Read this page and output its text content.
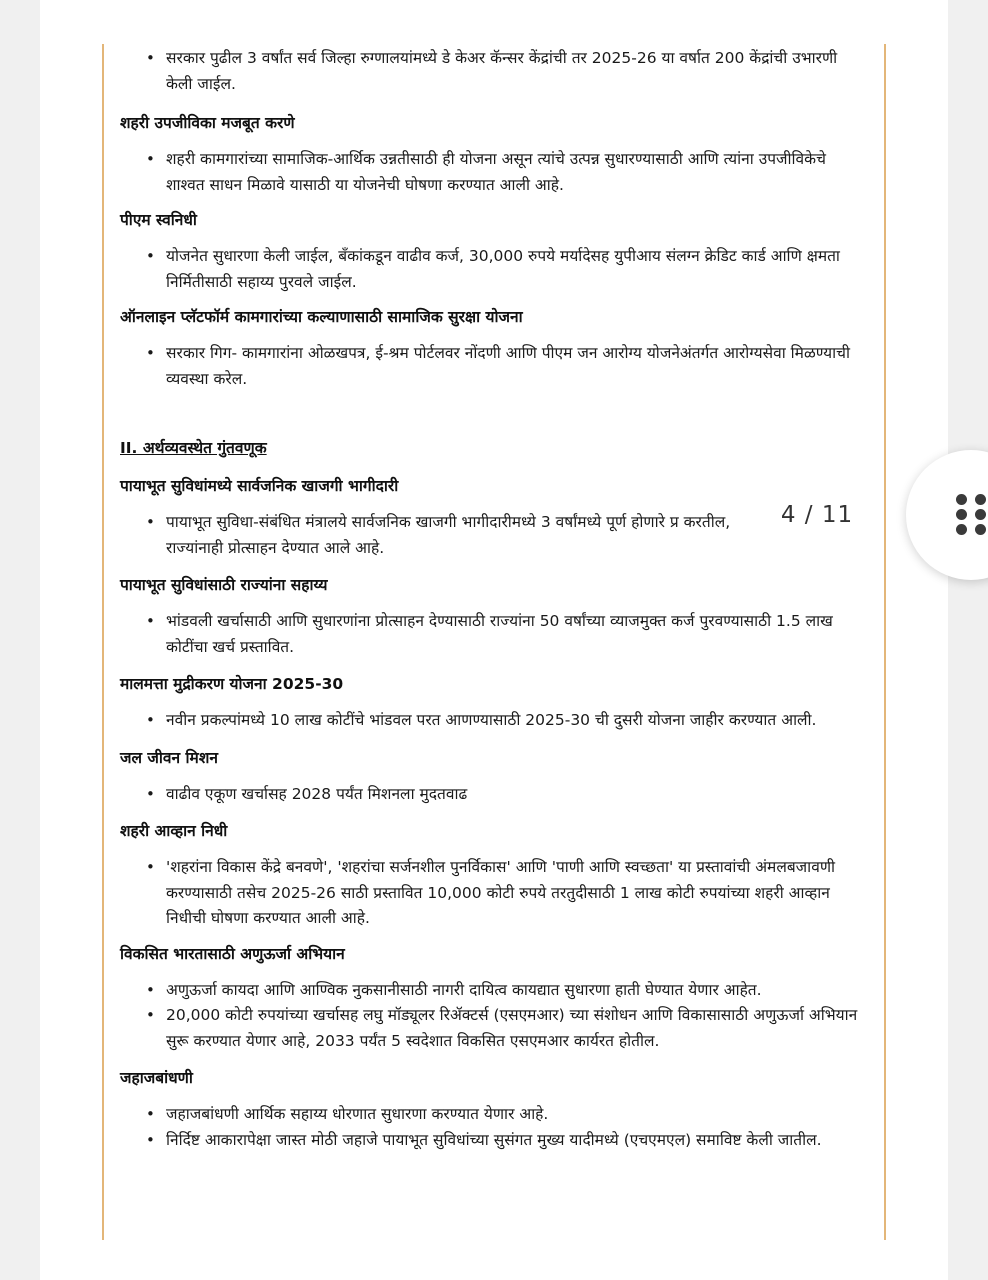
• सरकार पुढील 3 वर्षांत सर्व जिल्हा रुग्णालयांमध्ये डे केअर कॅन्सर केंद्रांची तर 2025-26 या वर्षात 200 केंद्रांची उभारणी केली जाईल.
शहरी उपजीविका मजबूत करणे
• शहरी कामगारांच्या सामाजिक-आर्थिक उन्नतीसाठी ही योजना असून त्यांचे उत्पन्न सुधारण्यासाठी आणि त्यांना उपजीविकेचे शाश्वत साधन मिळावे यासाठी या योजनेची घोषणा करण्यात आली आहे.
पीएम स्वनिधी
• योजनेत सुधारणा केली जाईल, बँकांकडून वाढीव कर्ज, 30,000 रुपये मर्यादेसह युपीआय संलग्न क्रेडिट कार्ड आणि क्षमता निर्मितीसाठी सहाय्य पुरवले जाईल.
ऑनलाइन प्लॅटफॉर्म कामगारांच्या कल्याणासाठी सामाजिक सुरक्षा योजना
• सरकार गिग- कामगारांना ओळखपत्र, ई-श्रम पोर्टलवर नोंदणी आणि पीएम जन आरोग्य योजनेअंतर्गत आरोग्यसेवा मिळण्याची व्यवस्था करेल.
II. अर्थव्यवस्थेत गुंतवणूक
पायाभूत सुविधांमध्ये सार्वजनिक खाजगी भागीदारी
• पायाभूत सुविधा-संबंधित मंत्रालये सार्वजनिक खाजगी भागीदारीमध्ये 3 वर्षांमध्ये पूर्ण होणारे प्र करतील, राज्यांनाही प्रोत्साहन देण्यात आले आहे.
पायाभूत सुविधांसाठी राज्यांना सहाय्य
• भांडवली खर्चासाठी आणि सुधारणांना प्रोत्साहन देण्यासाठी राज्यांना 50 वर्षांच्या व्याजमुक्त कर्ज पुरवण्यासाठी 1.5 लाख कोटींचा खर्च प्रस्तावित.
मालमत्ता मुद्रीकरण योजना 2025-30
• नवीन प्रकल्पांमध्ये 10 लाख कोटींचे भांडवल परत आणण्यासाठी 2025-30 ची दुसरी योजना जाहीर करण्यात आली.
जल जीवन मिशन
• वाढीव एकूण खर्चासह 2028 पर्यंत मिशनला मुदतवाढ
शहरी आव्हान निधी
• 'शहरांना विकास केंद्रे बनवणे', 'शहरांचा सर्जनशील पुनर्विकास' आणि 'पाणी आणि स्वच्छता' या प्रस्तावांची अंमलबजावणी करण्यासाठी तसेच 2025-26 साठी प्रस्तावित 10,000 कोटी रुपये तरतुदीसाठी 1 लाख कोटी रुपयांच्या शहरी आव्हान निधीची घोषणा करण्यात आली आहे.
विकसित भारतासाठी अणुऊर्जा अभियान
• अणुऊर्जा कायदा आणि आण्विक नुकसानीसाठी नागरी दायित्व कायद्यात सुधारणा हाती घेण्यात येणार आहेत.
• 20,000 कोटी रुपयांच्या खर्चासह लघु मॉड्यूलर रिॲक्टर्स (एसएमआर) च्या संशोधन आणि विकासासाठी अणुऊर्जा अभियान सुरू करण्यात येणार आहे, 2033 पर्यंत 5 स्वदेशात विकसित एसएमआर कार्यरत होतील.
जहाजबांधणी
• जहाजबांधणी आर्थिक सहाय्य धोरणात सुधारणा करण्यात येणार आहे.
• निर्दिष्ट आकारापेक्षा जास्त मोठी जहाजे पायाभूत सुविधांच्या सुसंगत मुख्य यादीमध्ये (एचएमएल) समाविष्ट केली जातील.
4 / 11
